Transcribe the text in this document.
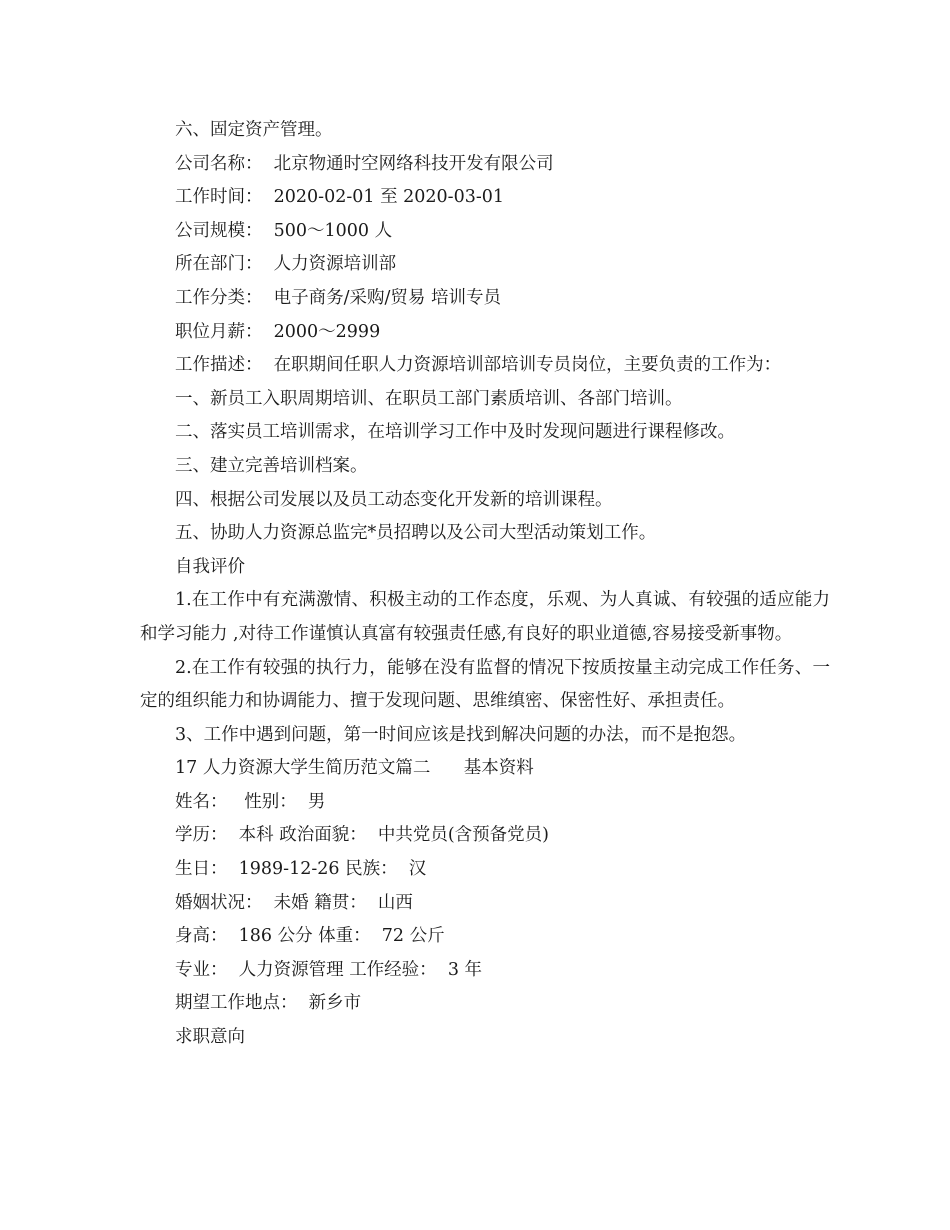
六、固定资产管理。
公司名称：  北京物通时空网络科技开发有限公司
工作时间：  2020-02-01 至 2020-03-01
公司规模：  500～1000 人
所在部门：  人力资源培训部
工作分类：  电子商务/采购/贸易 培训专员
职位月薪：  2000～2999
工作描述：  在职期间任职人力资源培训部培训专员岗位，主要负责的工作为：
一、新员工入职周期培训、在职员工部门素质培训、各部门培训。
二、落实员工培训需求，在培训学习工作中及时发现问题进行课程修改。
三、建立完善培训档案。
四、根据公司发展以及员工动态变化开发新的培训课程。
五、协助人力资源总监完*员招聘以及公司大型活动策划工作。
自我评价
1.在工作中有充满激情、积极主动的工作态度，乐观、为人真诚、有较强的适应能力和学习能力 ,对待工作谨慎认真富有较强责任感,有良好的职业道德,容易接受新事物。
2.在工作有较强的执行力，能够在没有监督的情况下按质按量主动完成工作任务、一定的组织能力和协调能力、擅于发现问题、思维缜密、保密性好、承担责任。
3、工作中遇到问题，第一时间应该是找到解决问题的办法，而不是抱怨。
17 人力资源大学生简历范文篇二      基本资料
姓名：   性别：  男
学历：  本科 政治面貌：  中共党员(含预备党员)
生日：  1989-12-26 民族：  汉
婚姻状况：  未婚 籍贯：  山西
身高：  186 公分 体重：  72 公斤
专业：  人力资源管理 工作经验：  3 年
期望工作地点：  新乡市
求职意向
